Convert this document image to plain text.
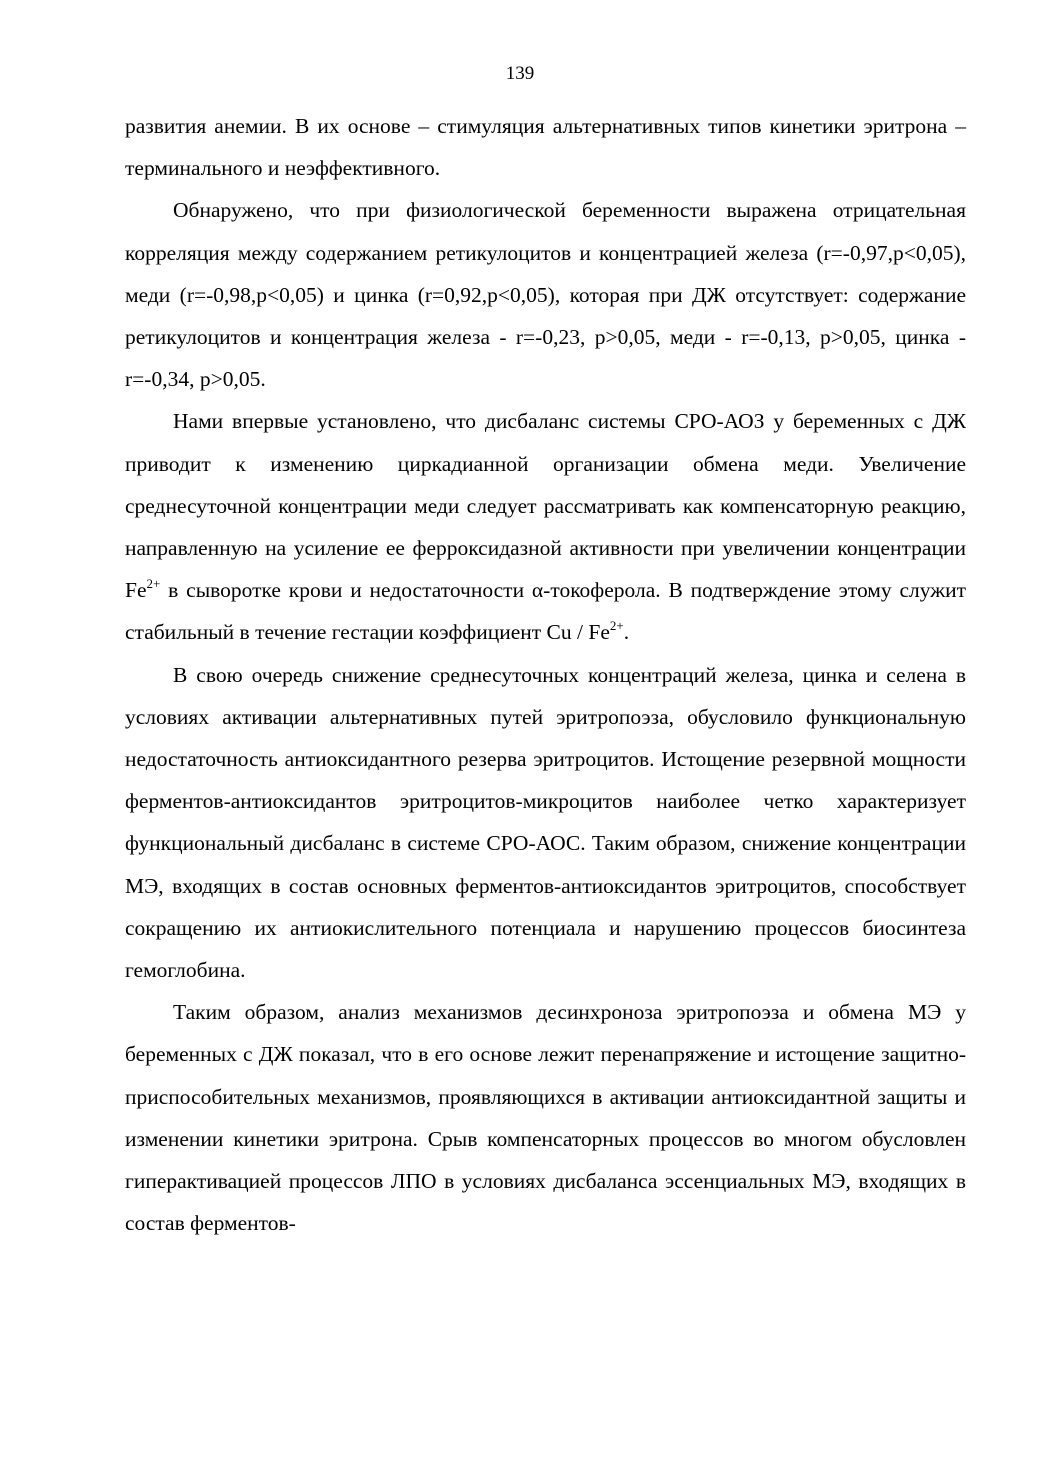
139

развития анемии. В их основе – стимуляция альтернативных типов кинетики эритрона – терминального и неэффективного.

Обнаружено, что при физиологической беременности выражена отрицательная корреляция между содержанием ретикулоцитов и концентрацией железа (r=-0,97,p<0,05), меди (r=-0,98,p<0,05) и цинка (r=0,92,p<0,05), которая при ДЖ отсутствует: содержание ретикулоцитов и концентрация железа - r=-0,23, p>0,05, меди - r=-0,13, p>0,05, цинка - r=-0,34, p>0,05.

Нами впервые установлено, что дисбаланс системы СРО-АОЗ у беременных с ДЖ приводит к изменению циркадианной организации обмена меди. Увеличение среднесуточной концентрации меди следует рассматривать как компенсаторную реакцию, направленную на усиление ее ферроксидазной активности при увеличении концентрации $Fe^{2+}$ в сыворотке крови и недостаточности α-токоферола. В подтверждение этому служит стабильный в течение гестации коэффициент Cu / $Fe^{2+}$.

В свою очередь снижение среднесуточных концентраций железа, цинка и селена в условиях активации альтернативных путей эритропоэза, обусловило функциональную недостаточность антиоксидантного резерва эритроцитов. Истощение резервной мощности ферментов-антиоксидантов эритроцитов-микроцитов наиболее четко характеризует функциональный дисбаланс в системе СРО-АОС. Таким образом, снижение концентрации МЭ, входящих в состав основных ферментов-антиоксидантов эритроцитов, способствует сокращению их антиокислительного потенциала и нарушению процессов биосинтеза гемоглобина.

Таким образом, анализ механизмов десинхроноза эритропоэза и обмена МЭ у беременных с ДЖ показал, что в его основе лежит перенапряжение и истощение защитно-приспособительных механизмов, проявляющихся в активации антиоксидантной защиты и изменении кинетики эритрона. Срыв компенсаторных процессов во многом обусловлен гиперактивацией процессов ЛПО в условиях дисбаланса эссенциальных МЭ, входящих в состав ферментов-
